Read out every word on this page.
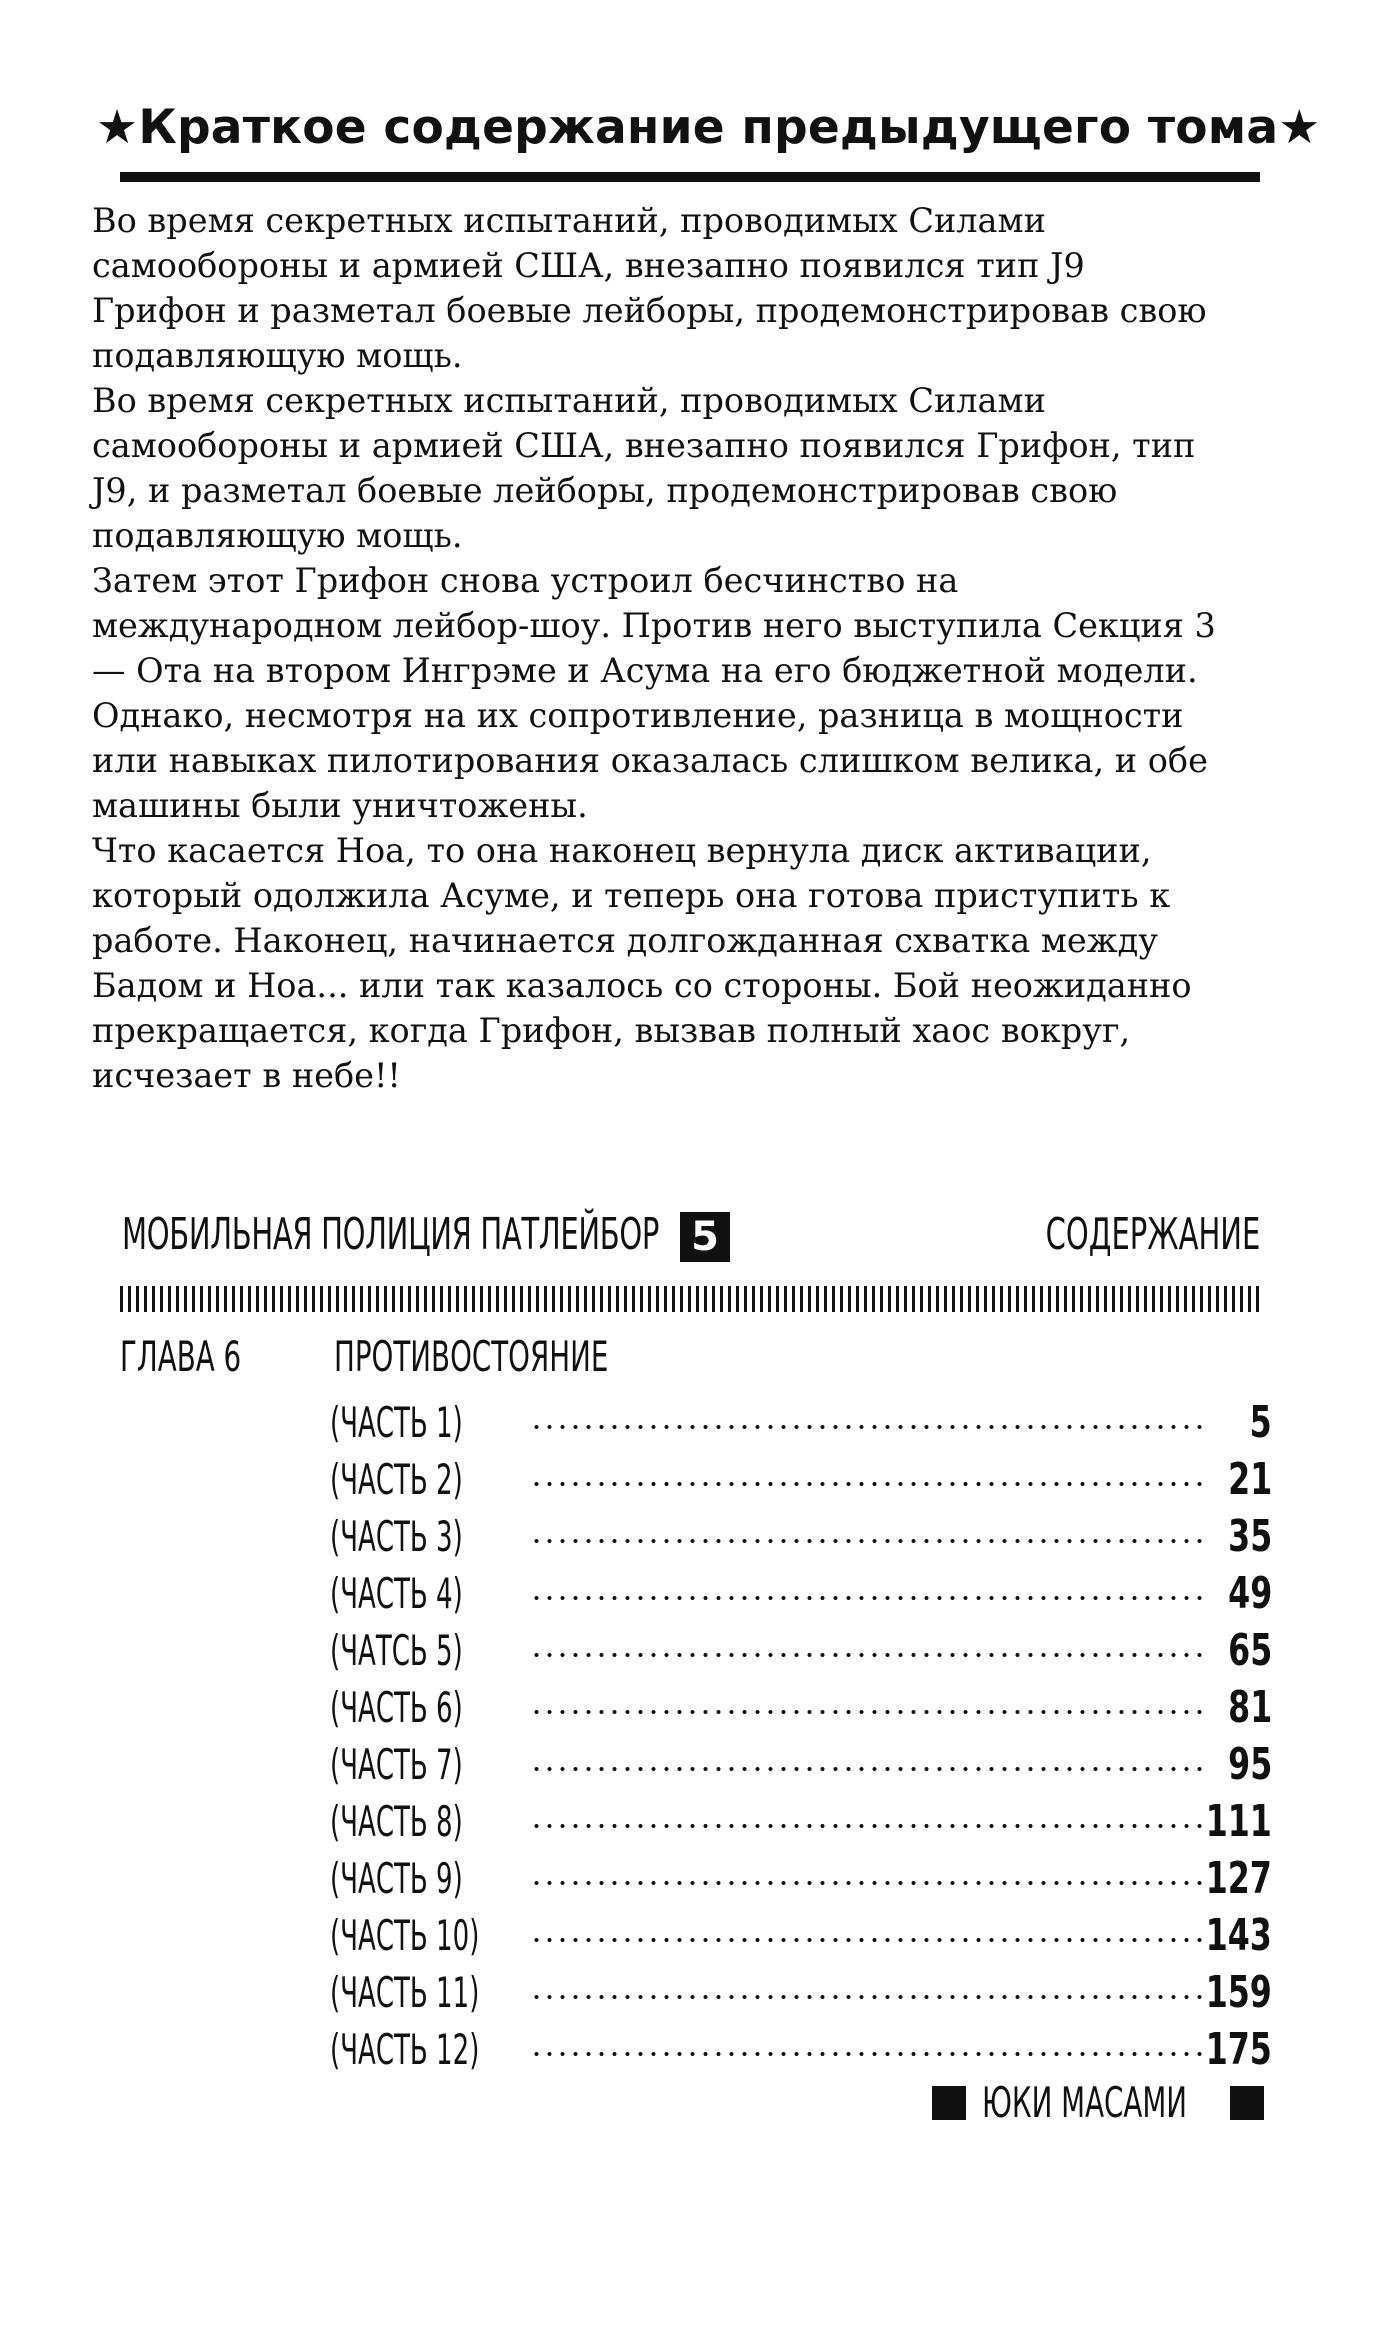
★Краткое содержание предыдущего тома★
Во время секретных испытаний, проводимых Силами
самообороны и армией США, внезапно появился тип J9
Грифон и разметал боевые лейборы, продемонстрировав свою
подавляющую мощь.
Во время секретных испытаний, проводимых Силами
самообороны и армией США, внезапно появился Грифон, тип
J9, и разметал боевые лейборы, продемонстрировав свою
подавляющую мощь.
Затем этот Грифон снова устроил бесчинство на
международном лейбор-шоу. Против него выступила Секция 3
— Ота на втором Ингрэме и Асума на его бюджетной модели.
Однако, несмотря на их сопротивление, разница в мощности
или навыках пилотирования оказалась слишком велика, и обе
машины были уничтожены.
Что касается Ноа, то она наконец вернула диск активации,
который одолжила Асуме, и теперь она готова приступить к
работе. Наконец, начинается долгожданная схватка между
Бадом и Ноа... или так казалось со стороны. Бой неожиданно
прекращается, когда Грифон, вызвав полный хаос вокруг,
исчезает в небе!!
МОБИЛЬНАЯ ПОЛИЦИЯ ПАТЛЕЙБОР 5	СОДЕРЖАНИЕ
ГЛАВА 6	ПРОТИВОСТОЯНИЕ
(ЧАСТЬ 1)	5
(ЧАСТЬ 2)	21
(ЧАСТЬ 3)	35
(ЧАСТЬ 4)	49
(ЧАТСЬ 5)	65
(ЧАСТЬ 6)	81
(ЧАСТЬ 7)	95
(ЧАСТЬ 8)	111
(ЧАСТЬ 9)	127
(ЧАСТЬ 10)	143
(ЧАСТЬ 11)	159
(ЧАСТЬ 12)	175
ЮКИ МАСАМИ
